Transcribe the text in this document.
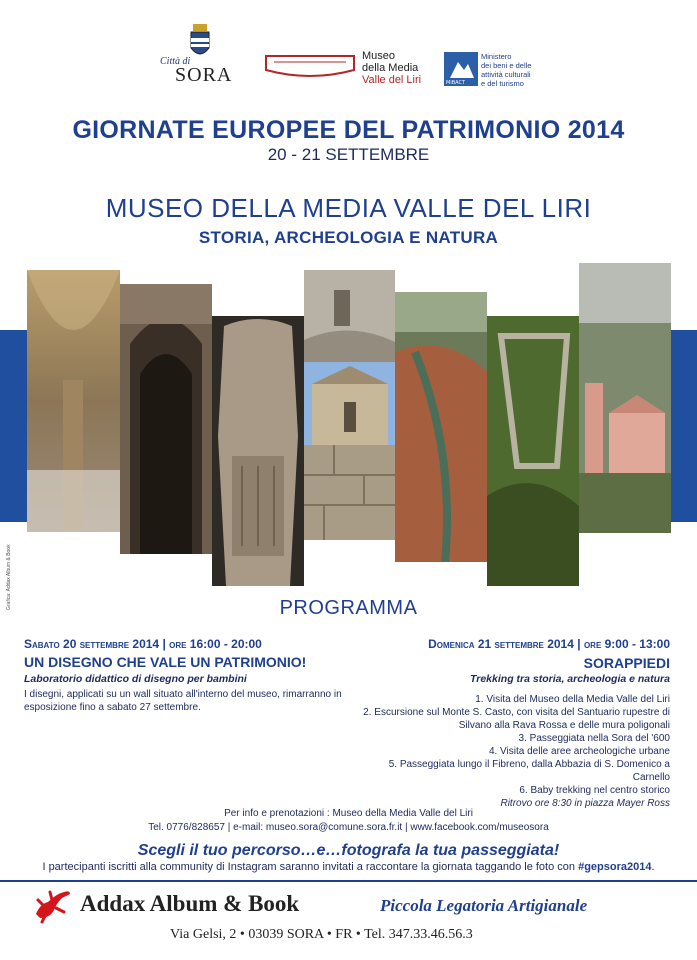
Città di
SORA
Museo
della Media
Valle del Liri	MiBACT
Ministero
dei beni e delle
attività culturali
e del turismo
GIORNATE EUROPEE DEL PATRIMONIO 2014
20 - 21 SETTEMBRE
MUSEO DELLA MEDIA VALLE DEL LIRI
STORIA, ARCHEOLOGIA E NATURA
Grafica: Addax Album & Book	PROGRAMMA
Sabato 20 settembre 2014 | ore 16:00 - 20:00
UN DISEGNO CHE VALE UN PATRIMONIO!
Laboratorio didattico di disegno per bambini
I disegni, applicati su un wall situato all'interno del museo, rimarranno in esposizione fino a sabato 27 settembre.
Domenica 21 settembre 2014 | ore 9:00 - 13:00
SORAPPIEDI
Trekking tra storia, archeologia e natura
1. Visita del Museo della Media Valle del Liri
2. Escursione sul Monte S. Casto, con visita del Santuario rupestre di
Silvano alla Rava Rossa e delle mura poligonali
3. Passeggiata nella Sora del '600
4. Visita delle aree archeologiche urbane
5. Passeggiata lungo il Fibreno, dalla Abbazia di S. Domenico a Carnello
6. Baby trekking nel centro storico
Ritrovo ore 8:30 in piazza Mayer Ross
Per info e prenotazioni : Museo della Media Valle del Liri
Tel. 0776/828657 | e-mail: museo.sora@comune.sora.fr.it | www.facebook.com/museosora
Scegli il tuo percorso…e…fotografa la tua passeggiata!
I partecipanti iscritti alla community di Instagram saranno invitati a raccontare la giornata taggando le foto con #gepsora2014.
Addax Album & Book	Piccola Legatoria Artigianale
Via Gelsi, 2 • 03039 SORA • FR • Tel. 347.33.46.56.3
